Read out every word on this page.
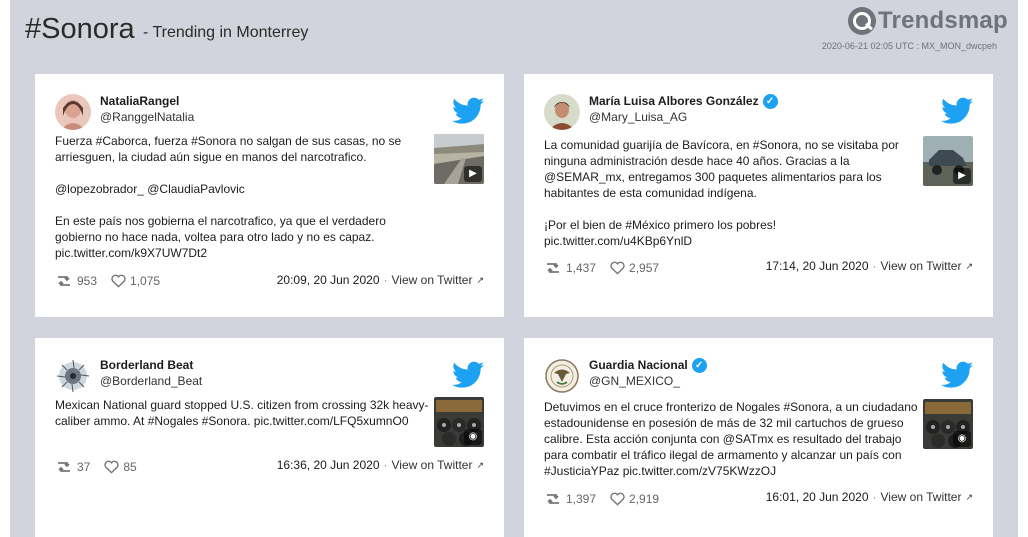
#Sonora - Trending in Monterrey	Trendsmap
2020-06-21 02:05 UTC : MX_MON_dwcpeh
NataliaRangel
@RanggelNatalia
Fuerza #Caborca, fuerza #Sonora no salgan de sus casas, no se
arriesguen, la ciudad aún sigue en manos del narcotrafico.

@lopezobrador_ @ClaudiaPavlovic

En este país nos gobierna el narcotrafico, ya que el verdadero
gobierno no hace nada, voltea para otro lado y no es capaz.
pic.twitter.com/k9X7UW7Dt2
▶
953	1,075	20:09, 20 Jun 2020 · View on Twitter ↗
María Luisa Albores González ✓
@Mary_Luisa_AG
La comunidad guarijía de Bavícora, en #Sonora, no se visitaba por
ninguna administración desde hace 40 años. Gracias a la
@SEMAR_mx, entregamos 300 paquetes alimentarios para los
habitantes de esta comunidad indígena.

¡Por el bien de #México primero los pobres!
pic.twitter.com/u4KBp6YnlD
▶
1,437	2,957	17:14, 20 Jun 2020 · View on Twitter ↗
Borderland Beat
@Borderland_Beat
Mexican National guard stopped U.S. citizen from crossing 32k heavy-
caliber ammo. At #Nogales #Sonora. pic.twitter.com/LFQ5xumnO0
◉
37	85	16:36, 20 Jun 2020 · View on Twitter ↗
Guardia Nacional ✓
@GN_MEXICO_
Detuvimos en el cruce fronterizo de Nogales #Sonora, a un ciudadano
estadounidense en posesión de más de 32 mil cartuchos de grueso
calibre. Esta acción conjunta con @SATmx es resultado del trabajo
para combatir el tráfico ilegal de armamento y alcanzar un país con
#JusticiaYPaz pic.twitter.com/zV75KWzzOJ
◉
1,397	2,919	16:01, 20 Jun 2020 · View on Twitter ↗
